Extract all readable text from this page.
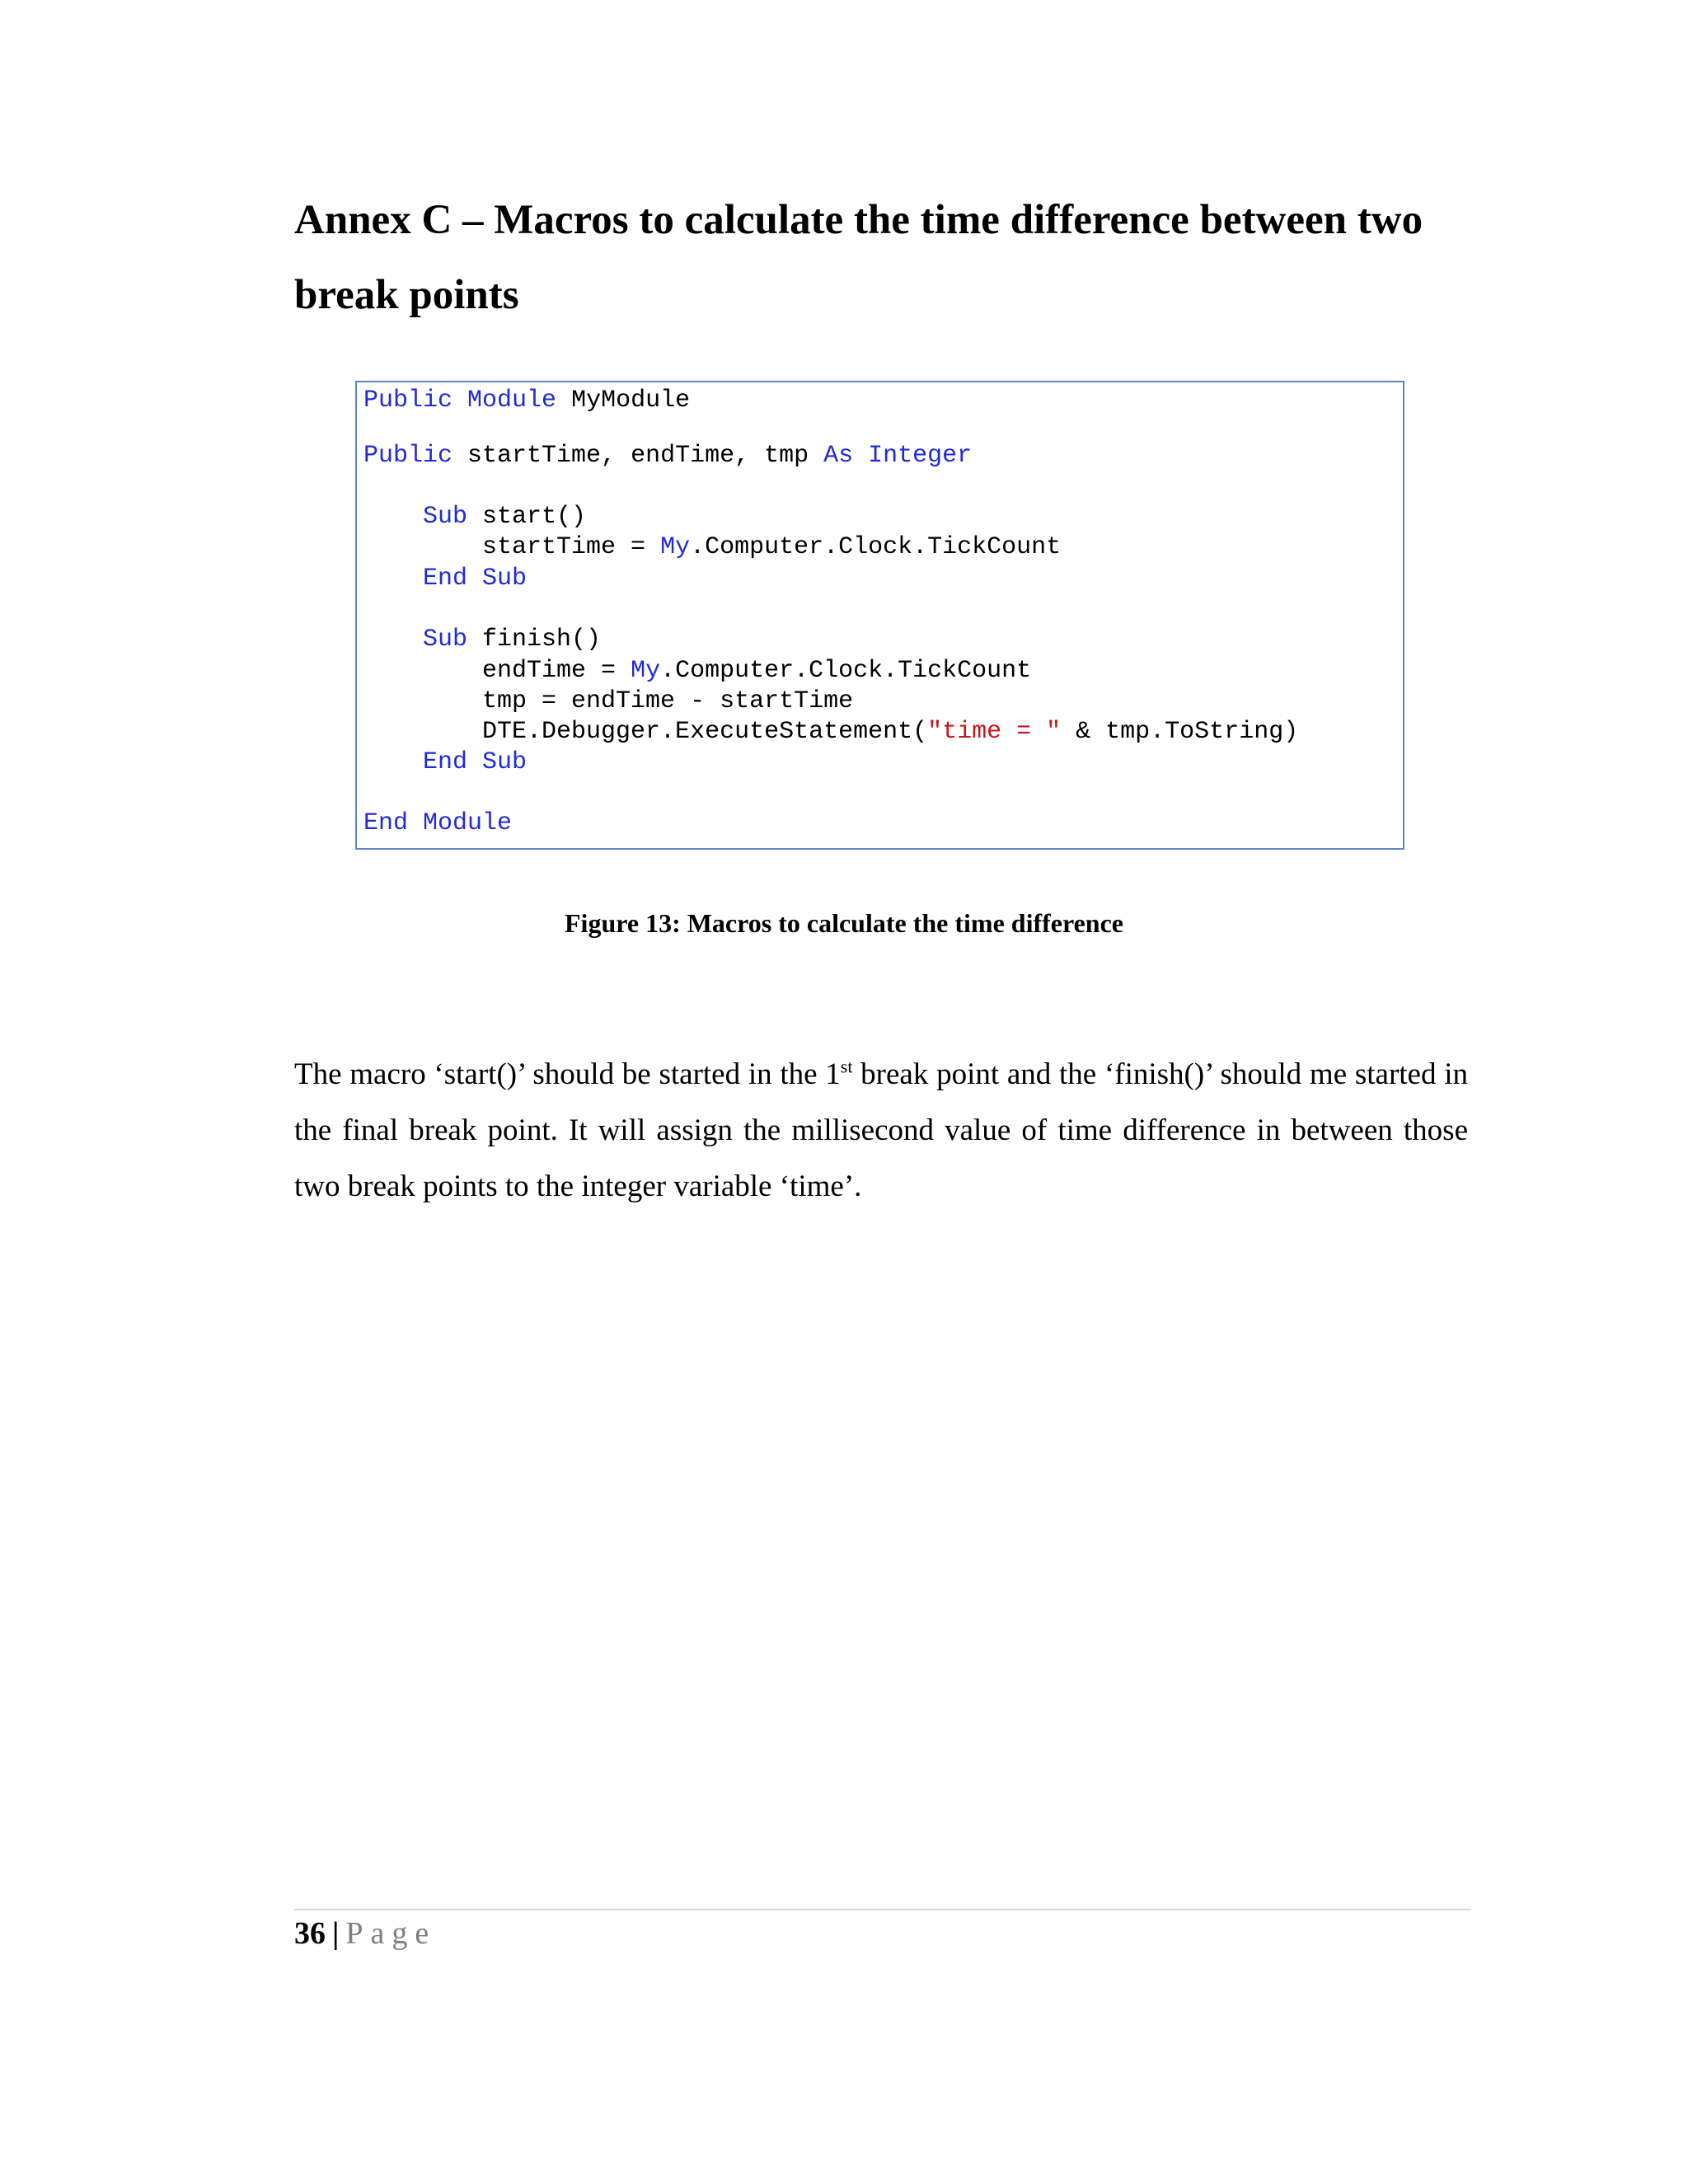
Annex C – Macros to calculate the time difference between two break points
Public Module MyModule
Public startTime, endTime, tmp As Integer
Sub start()
startTime = My.Computer.Clock.TickCount
End Sub
Sub finish()
endTime = My.Computer.Clock.TickCount
tmp = endTime - startTime
DTE.Debugger.ExecuteStatement("time = " & tmp.ToString)
End Sub
End Module
Figure 13: Macros to calculate the time difference

The macro ‘start()’ should be started in the 1st break point and the ‘finish()’ should me started in the final break point. It will assign the millisecond value of time difference in between those two break points to the integer variable ‘time’.

36 | Page
